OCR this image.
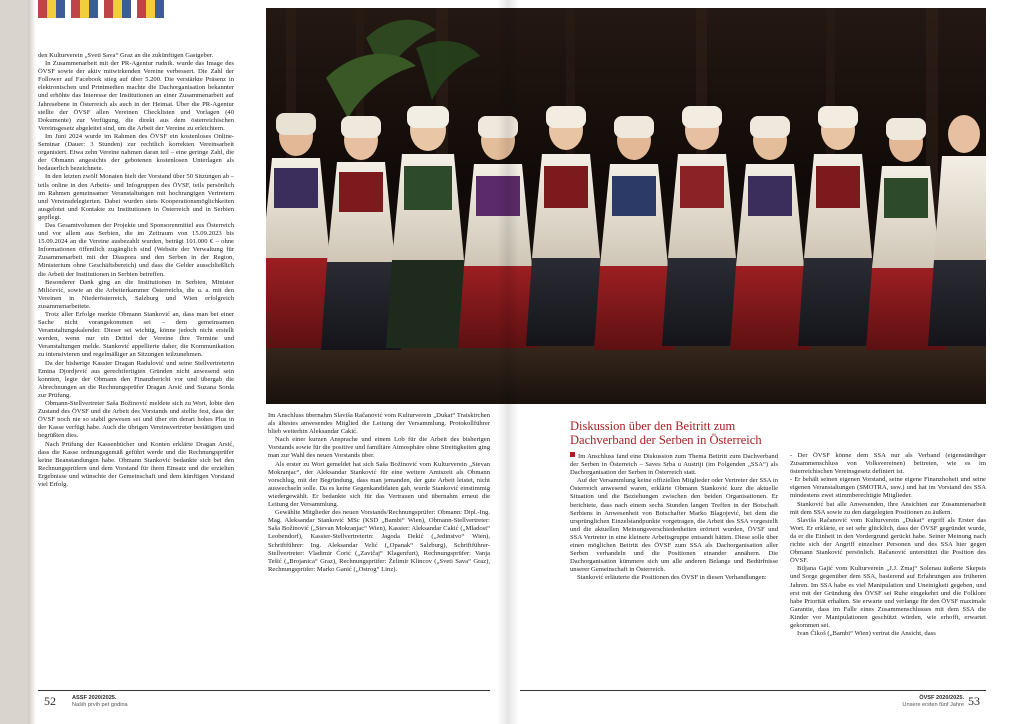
den Kulturverein „Sveti Sava“ Graz an die zukünftigen Gastgeber.

In Zusammenarbeit mit der PR-Agentur rudnik. wurde das Image des ÖVSF sowie der aktiv mitwirkenden Vereine verbessert. Die Zahl der Follower auf Facebook stieg auf über 5.200. Die verstärkte Präsenz in elektronischen und Printmedien machte die Dachorganisation bekannter und erhöhte das Interesse der Institutionen an einer Zusammenarbeit auf Jahresebene in Österreich als auch in der Heimat. Über die PR-Agentur stellte der ÖVSF allen Vereinen Checklisten und Vorlagen (40 Dokumente) zur Verfügung, die direkt aus dem österreichischen Vereinsgesetz abgeleitet sind, um die Arbeit der Vereine zu erleichtern.

Im Juni 2024 wurde im Rahmen des ÖVSF ein kostenloses Online-Seminar (Dauer: 3 Stunden) zur rechtlich korrekten Vereinsarbeit organisiert. Etwa zehn Vereine nahmen daran teil – eine geringe Zahl, die der Obmann angesichts der gebotenen kostenlosen Unterlagen als bedauerlich bezeichnete.

In den letzten zwölf Monaten hielt der Vorstand über 50 Sitzungen ab – teils online in den Arbeits- und Infogruppen des ÖVSF, teils persönlich im Rahmen gemeinsamer Veranstaltungen mit hochrangigen Vertretern und Vereinsdelegierten. Dabei wurden stets Kooperationsmöglichkeiten ausgelotet und Kontakte zu Institutionen in Österreich und in Serbien gepflegt.

Das Gesamtvolumen der Projekte und Sponsorenmittel aus Österreich und vor allem aus Serbien, die im Zeitraum von 15.09.2023 bis 15.09.2024 an die Vereine ausbezahlt wurden, beträgt 101.000 € – ohne Informationen öffentlich zugänglich sind (Website der Verwaltung für Zusammenarbeit mit der Diaspora und den Serben in der Region, Ministerium ohne Geschäftsbereich) und dass die Gelder ausschließlich die Arbeit der Institutionen in Serbien betreffen.

Besonderer Dank ging an die Institutionen in Serbien, Minister Milićević, sowie an die Arbeiterkammer Österreichs, die u. a. mit den Vereinen in Niederösterreich, Salzburg und Wien erfolgreich zusammenarbeitete.

Trotz aller Erfolge merkte Obmann Stanković an, dass man bei einer Sache nicht vorangekommen sei – dem gemeinsamen Veranstaltungskalender. Dieser sei wichtig, könne jedoch nicht erstellt werden, wenn nur ein Drittel der Vereine ihre Termine und Veranstaltungen melde. Stanković appellierte daher, die Kommunikation zu intensivieren und regelmäßiger an Sitzungen teilzunehmen.

Da der bisherige Kassier Dragan Radulović und seine Stellvertreterin Emina Djordjević aus gerechtfertigten Gründen nicht anwesend sein konnten, legte der Obmann den Finanzbericht vor und übergab die Abrechnungen an die Rechnungsprüfer Dragan Arsić und Suzana Sorda zur Prüfung.

Obmann-Stellvertreter Saša Božinović meldete sich zu Wort, lobte den Zustand des ÖVSF und die Arbeit des Vorstands und stellte fest, dass der ÖVSF noch nie so stabil gewesen sei und über ein derart hohes Plus in der Kasse verfügt habe. Auch die übrigen Vereinsvertreter bestätigten und begrüßten dies.

Nach Prüfung der Kassenbücher und Konten erklärte Dragan Arsić, dass die Kasse ordnungsgemäß geführt werde und die Rechnungsprüfer keine Beanstandungen habe. Obmann Stanković bedankte sich bei den Rechnungsprüfern und dem Vorstand für ihren Einsatz und die erzielten Ergebnisse und wünschte der Gemeinschaft und dem künftigen Vorstand viel Erfolg.

Im Anschluss übernahm Slaviša Račanović vom Kulturverein „Dukat“ Traiskirchen als ältestes anwesendes Mitglied die Leitung der Versammlung. Protokollführer blieb weiterhin Aleksandar Cakić.

Nach einer kurzen Ansprache und einem Lob für die Arbeit des bisherigen Vorstands sowie für die positive und familiäre Atmosphäre ohne Streitigkeiten ging man zur Wahl des neuen Vorstands über.

Als erster zu Wort gemeldet hat sich Saša Božinović vom Kulturverein „Stevan Mokranjac“, der Aleksandar Stanković für eine weitere Amtszeit als Obmann vorschlug, mit der Begründung, dass man jemanden, der gute Arbeit leistet, nicht auswechseln solle. Da es keine Gegenkandidaten gab, wurde Stanković einstimmig wiedergewählt. Er bedankte sich für das Vertrauen und übernahm erneut die Leitung der Versammlung.

Gewählte Mitglieder des neuen Vorstands/Rechnungsprüfer: Obmann: Dipl.-Ing. Mag. Aleksandar Stanković MSc (KSD „Bambi“ Wien), Obmann-Stellvertreter: Saša Božinović („Stevan Mokranjac“ Wien), Kassier: Aleksandar Cakić („Mladost“ Leobendorf), Kassier-Stellvertreterin: Jagoda Dekić („Jedinstvo“ Wien), Schriftführer: Ing. Aleksandar Velić („Opanak“ Salzburg), Schriftführer-Stellvertreter: Vladimir Ćorić („Zavičaj“ Klagenfurt), Rechnungsprüfer: Vanja Tešić („Brojanica“ Graz), Rechnungsprüfer: Želimir Klincov („Sveti Sava“ Graz), Rechnungsprüfer: Marko Ganić („Ostrog“ Linz).

Diskussion über den Beitritt zum Dachverband der Serben in Österreich

Im Anschluss fand eine Diskussion zum Thema Beitritt zum Dachverband der Serben in Österreich – Saves Srba u Austriji (im Folgenden „SSA“) als Dachorganisation der Serben in Österreich statt.

Auf der Versammlung keine offiziellen Mitglieder oder Vertreter der SSA in Österreich anwesend waren, erklärte Obmann Stanković kurz die aktuelle Situation und die Beziehungen zwischen den beiden Organisationen. Er berichtete, dass nach einem sechs Stunden langen Treffen in der Botschaft Serbiens in Anwesenheit von Botschafter Marko Blagojević, bei dem die ursprünglichen Einzelstandpunkte vorgetragen, die Arbeit des SSA vorgestellt und die aktuellen Meinungsverschiedenheiten erörtert wurden, ÖVSF und SSA Vertreter in eine kleinere Arbeitsgruppe entsandt hätten. Diese solle über einen möglichen Beitritt des ÖVSF zum SSA als Dachorganisation aller Serben verhandeln und die Positionen einander annähern. Die Dachorganisation kümmere sich um alle anderen Belange und Bedürfnisse unserer Gemeinschaft in Österreich.

Stanković erläuterte die Positionen des ÖVSF in diesen Verhandlungen:

- Der ÖVSF könne dem SSA nur als Verband (eigenständiger Zusammenschluss von Volksvereinen) beitreten, wie es im österreichischen Vereinsgesetz definiert ist.

- Er behält seinen eigenen Vorstand, seine eigene Finanzhoheit und seine eigenen Veranstaltungen (SMOTRA, usw.) und hat im Vorstand des SSA mindestens zwei stimmberechtigte Mitglieder.

Stanković bat alle Anwesenden, ihre Ansichten zur Zusammenarbeit mit dem SSA sowie zu den dargelegten Positionen zu äußern.

Slaviša Račanović vom Kulturverein „Dukat“ ergriff als Erster das Wort. Er erklärte, er sei sehr glücklich, dass der ÖVSF gegründet wurde, da er die Einheit in den Vordergrund gerückt habe. Seiner Meinung nach richte sich der Angriff einzelner Personen und des SSA hier gegen Obmann Stanković persönlich. Račanović unterstützt die Position des ÖVSF.

Biljana Gajić vom Kulturverein „J.J. Zmaj“ Solenau äußerte Skepsis und Sorge gegenüber dem SSA, basierend auf Erfahrungen aus früheren Jahren. Im SSA habe es viel Manipulation und Uneinigkeit gegeben, und erst mit der Gründung des ÖVSF sei Ruhe eingekehrt und die Folklore habe Priorität erhalten. Sie erwarte und verlange für den ÖVSF maximale Garantie, dass im Falle eines Zusammenschlusses mit dem SSA die Kinder vor Manipulationen geschützt würden, wie erhofft, erwartet gekommen sei.

Ivan Čikoš („Bambi“ Wien) vertrat die Ansicht, dass

52	53
ASSF 2020/2025.
Naših prvih pet godina
ÖVSF 2020/2025.
Unsere ersten fünf Jahre
